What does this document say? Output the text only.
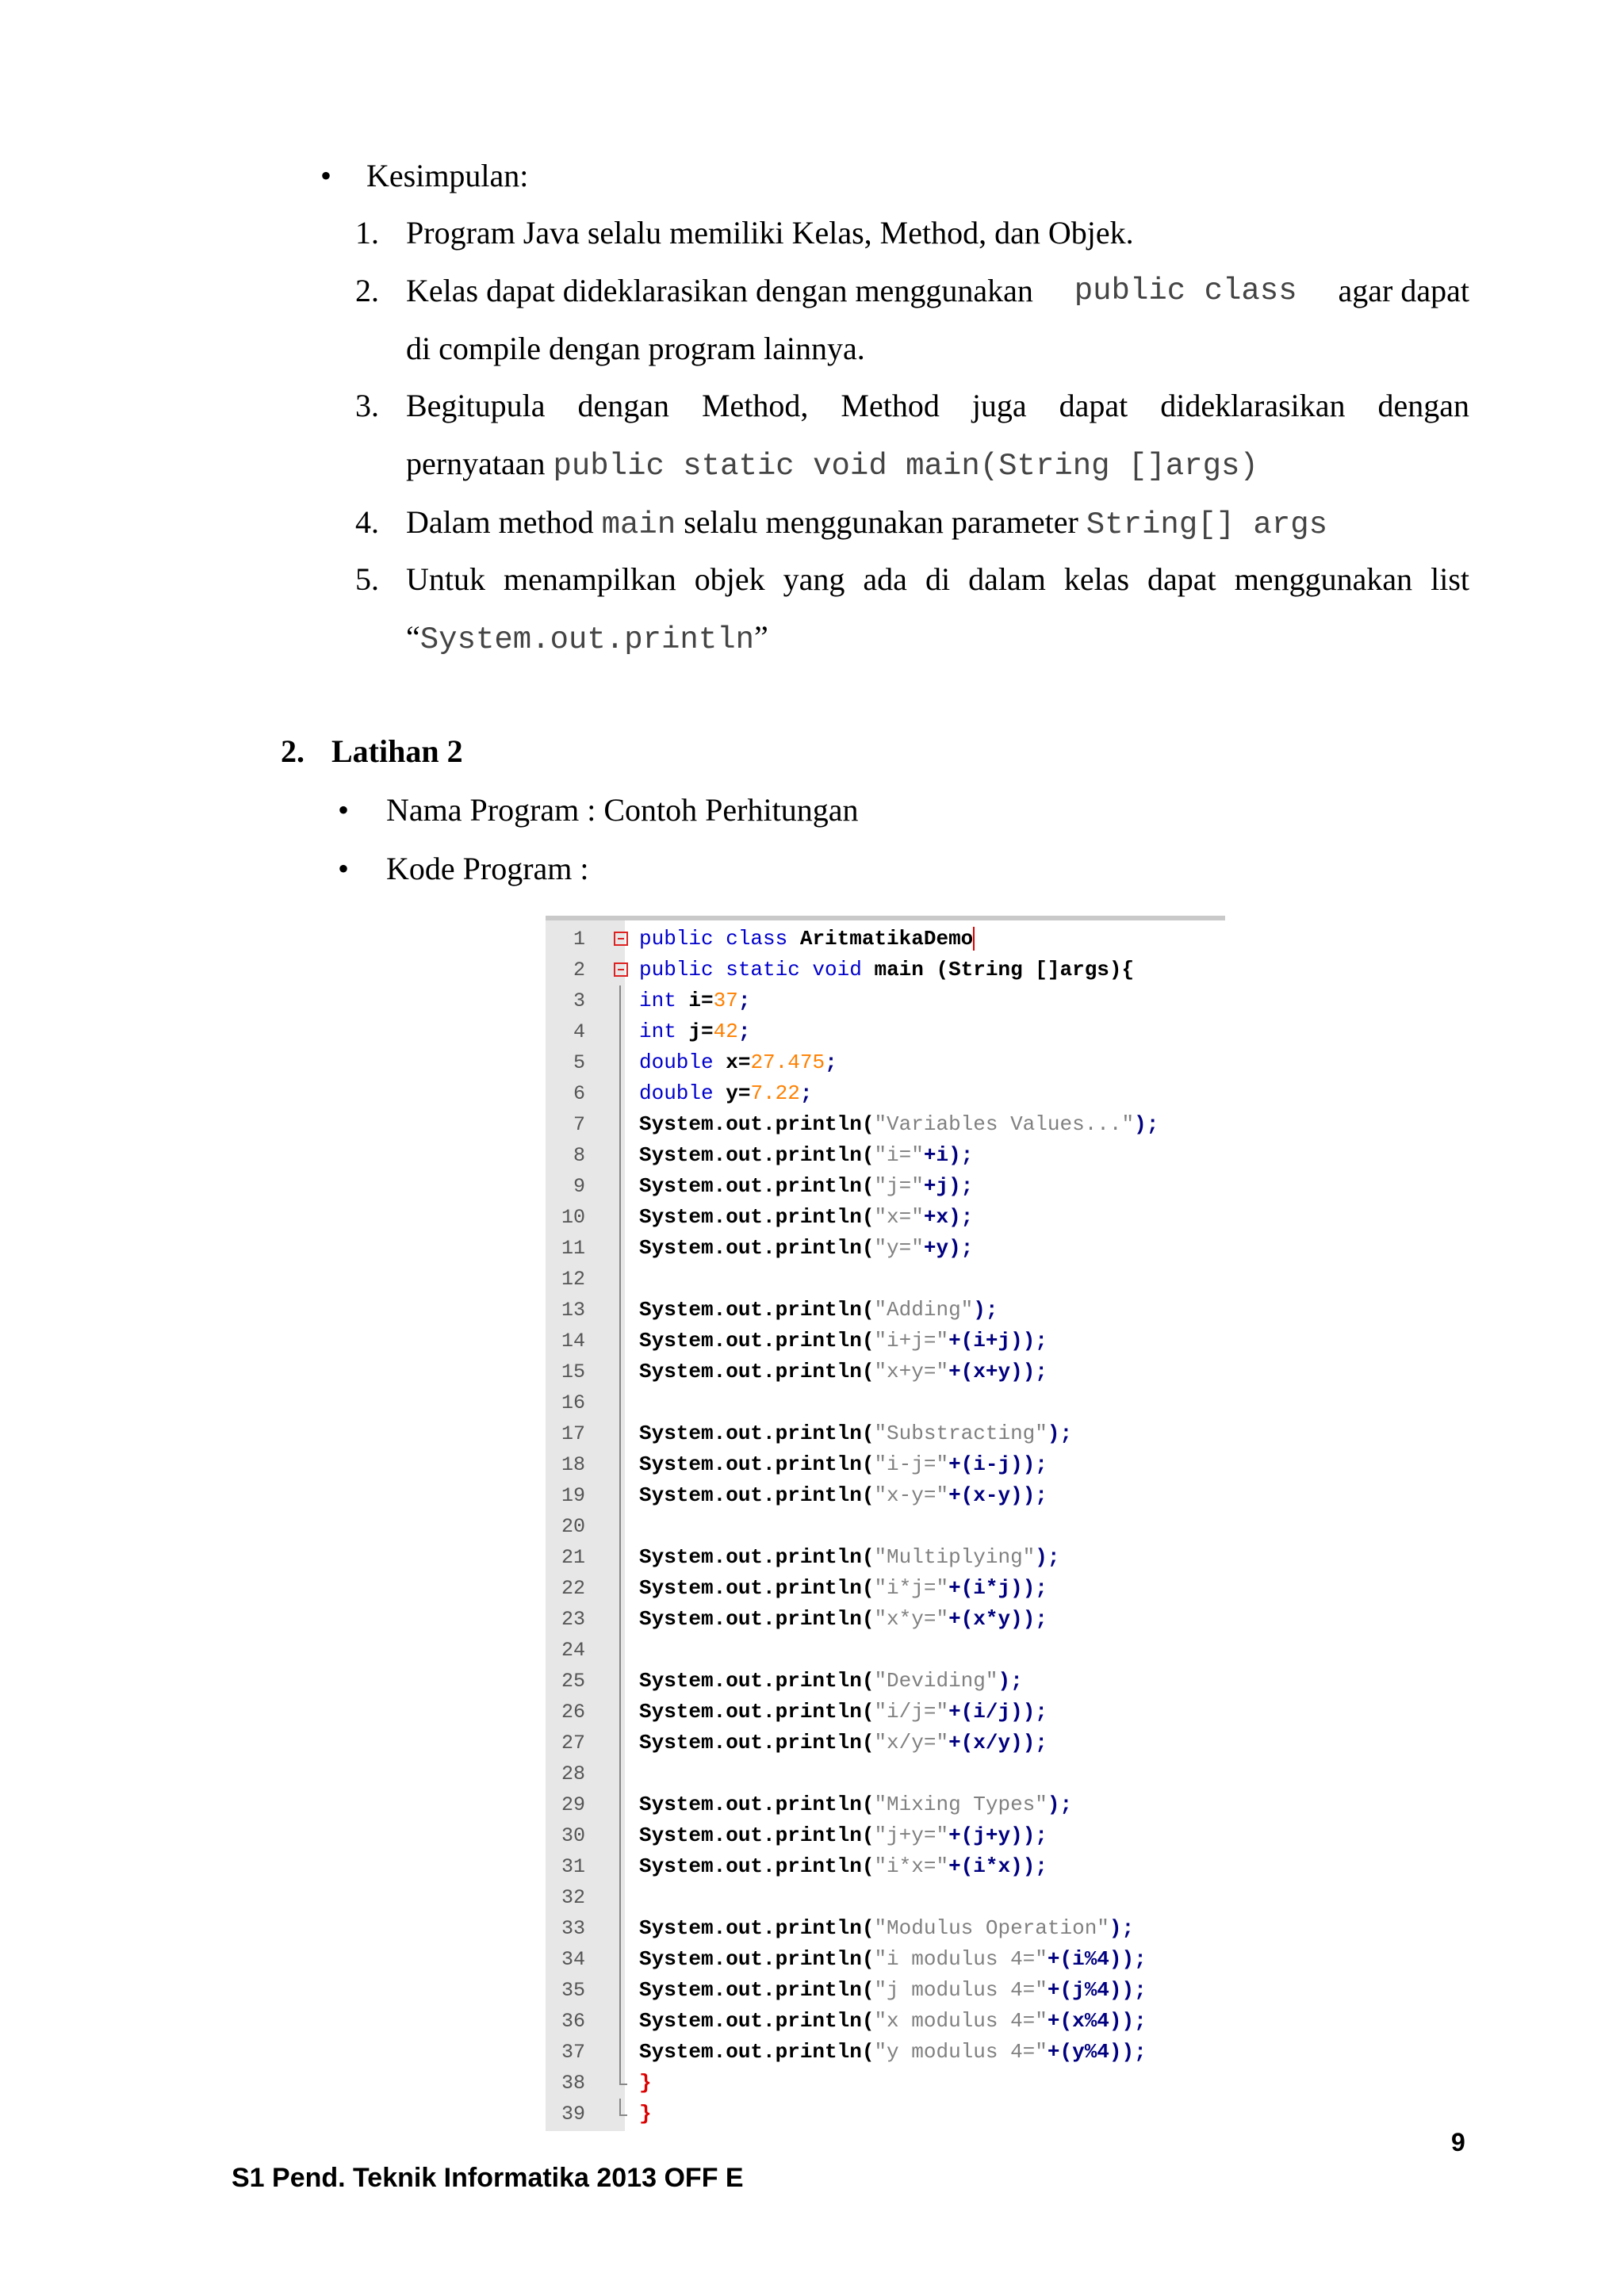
• Kesimpulan:
1. Program Java selalu memiliki Kelas, Method, dan Objek.
2. Kelas dapat dideklarasikan dengan menggunakan public class agar dapat
di compile dengan program lainnya.
3. Begitupula dengan Method, Method juga dapat dideklarasikan dengan
pernyataan public static void main(String []args)
4. Dalam method main selalu menggunakan parameter String[] args
5. Untuk menampilkan objek yang ada di dalam kelas dapat menggunakan list
“System.out.println”
2. Latihan 2
• Nama Program : Contoh Perhitungan
• Kode Program :
1	public class AritmatikaDemo
2	public static void main (String []args){
3	int i=37;
4	int j=42;
5	double x=27.475;
6	double y=7.22;
7	System.out.println("Variables Values...");
8	System.out.println("i="+i);
9	System.out.println("j="+j);
10	System.out.println("x="+x);
11	System.out.println("y="+y);
12
13	System.out.println("Adding");
14	System.out.println("i+j="+(i+j));
15	System.out.println("x+y="+(x+y));
16
17	System.out.println("Substracting");
18	System.out.println("i-j="+(i-j));
19	System.out.println("x-y="+(x-y));
20
21	System.out.println("Multiplying");
22	System.out.println("i*j="+(i*j));
23	System.out.println("x*y="+(x*y));
24
25	System.out.println("Deviding");
26	System.out.println("i/j="+(i/j));
27	System.out.println("x/y="+(x/y));
28
29	System.out.println("Mixing Types");
30	System.out.println("j+y="+(j+y));
31	System.out.println("i*x="+(i*x));
32
33	System.out.println("Modulus Operation");
34	System.out.println("i modulus 4="+(i%4));
35	System.out.println("j modulus 4="+(j%4));
36	System.out.println("x modulus 4="+(x%4));
37	System.out.println("y modulus 4="+(y%4));
38	}
39	}
9
S1 Pend. Teknik Informatika 2013 OFF E
